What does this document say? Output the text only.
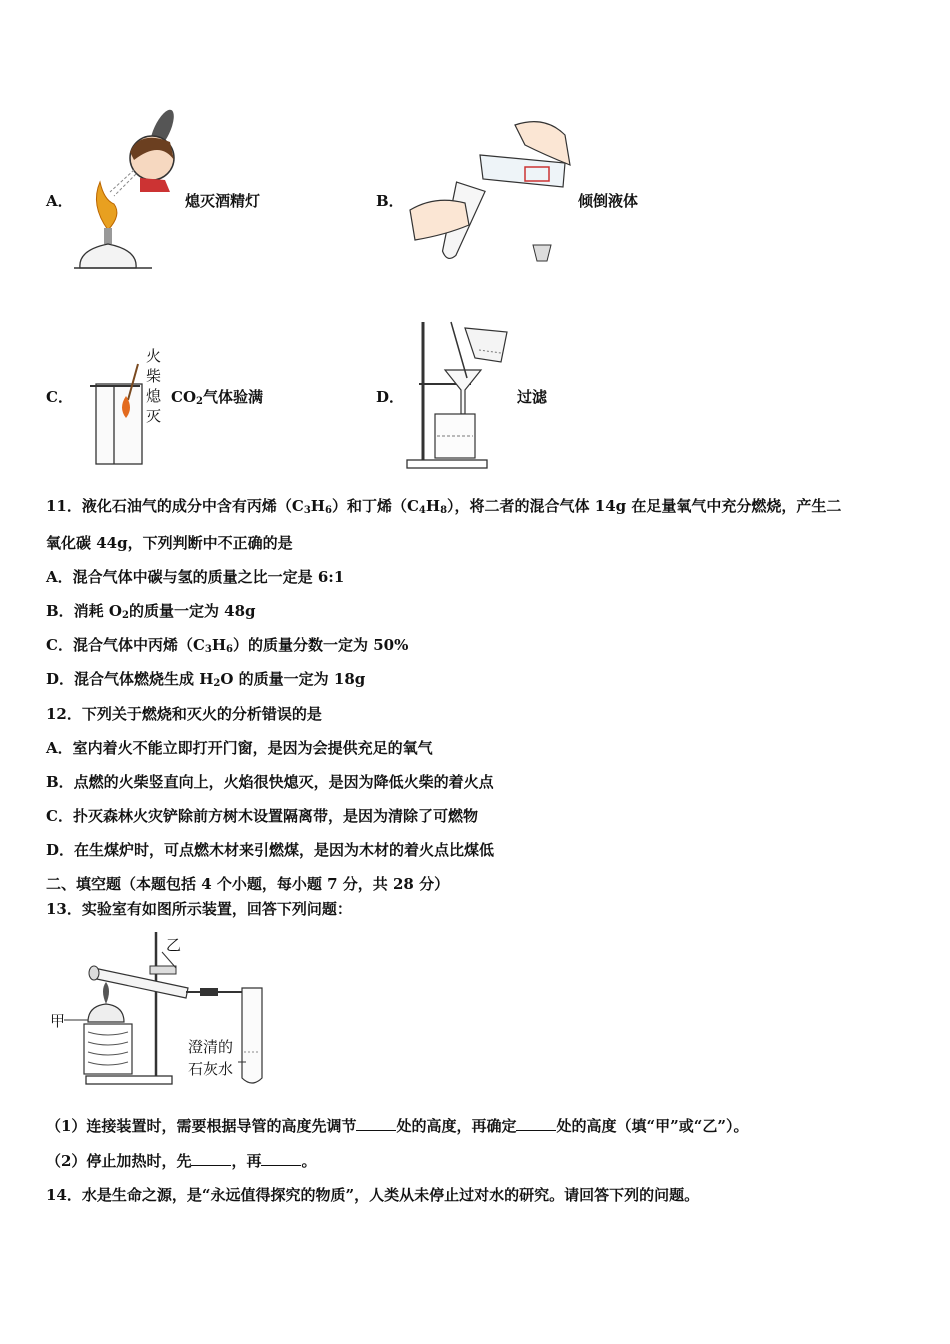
A．	熄灭酒精灯	B．	倾倒液体
C．
火
柴
熄
灭
$CO_2$气体验满	D．	过滤
11．液化石油气的成分中含有丙烯$(C_3H_6)$和丁烯$(C_4H_8)$，将二者的混合气体 14g 在足量氧气中充分燃烧，产生二
氧化碳 44g，下列判断中不正确的是
A．混合气体中碳与氢的质量之比一定是 6:1
B．消耗 $O_2$的质量一定为 48g
C．混合气体中丙烯$(C_3H_6)$的质量分数一定为 50%
D．混合气体燃烧生成 $H_2O$ 的质量一定为 18g
12．下列关于燃烧和灭火的分析错误的是
A．室内着火不能立即打开门窗，是因为会提供充足的氧气
B．点燃的火柴竖直向上，火焰很快熄灭，是因为降低火柴的着火点
C．扑灭森林火灾铲除前方树木设置隔离带，是因为清除了可燃物
D．在生煤炉时，可点燃木材来引燃煤，是因为木材的着火点比煤低
二、填空题（本题包括 4 个小题，每小题 7 分，共 28 分）
13．实验室有如图所示装置，回答下列问题：
甲
乙
澄清的
石灰水
（1）连接装置时，需要根据导管的高度先调节	处的高度，再确定	处的高度（填“甲”或“乙”）。
（2）停止加热时，先	，再	。
14．水是生命之源，是“永远值得探究的物质”，人类从未停止过对水的研究。请回答下列的问题。
